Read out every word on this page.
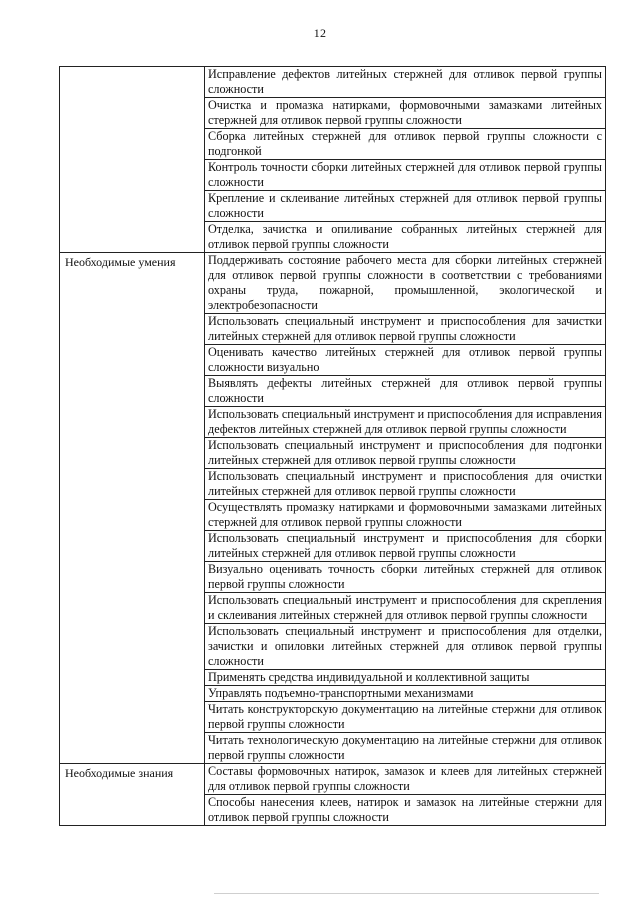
12

	Исправление дефектов литейных стержней для отливок первой группы сложности

	Очистка и промазка натирками, формовочными замазками литейных стержней для отливок первой группы сложности

	Сборка литейных стержней для отливок первой группы сложности с подгонкой

	Контроль точности сборки литейных стержней для отливок первой группы сложности

	Крепление и склеивание литейных стержней для отливок первой группы сложности

	Отделка, зачистка и опиливание собранных литейных стержней для отливок первой группы сложности

Необходимые умения	Поддерживать состояние рабочего места для сборки литейных стержней для отливок первой группы сложности в соответствии с требованиями охраны труда, пожарной, промышленной, экологической и электробезопасности

	Использовать специальный инструмент и приспособления для зачистки литейных стержней для отливок первой группы сложности

	Оценивать качество литейных стержней для отливок первой группы сложности визуально

	Выявлять дефекты литейных стержней для отливок первой группы сложности

	Использовать специальный инструмент и приспособления для исправления дефектов литейных стержней для отливок первой группы сложности

	Использовать специальный инструмент и приспособления для подгонки литейных стержней для отливок первой группы сложности

	Использовать специальный инструмент и приспособления для очистки литейных стержней для отливок первой группы сложности

	Осуществлять промазку натирками и формовочными замазками литейных стержней для отливок первой группы сложности

	Использовать специальный инструмент и приспособления для сборки литейных стержней для отливок первой группы сложности

	Визуально оценивать точность сборки литейных стержней для отливок первой группы сложности

	Использовать специальный инструмент и приспособления для скрепления и склеивания литейных стержней для отливок первой группы сложности

	Использовать специальный инструмент и приспособления для отделки, зачистки и опиловки литейных стержней для отливок первой группы сложности

	Применять средства индивидуальной и коллективной защиты

	Управлять подъемно-транспортными механизмами

	Читать конструкторскую документацию на литейные стержни для отливок первой группы сложности

	Читать технологическую документацию на литейные стержни для отливок первой группы сложности

Необходимые знания	Составы формовочных натирок, замазок и клеев для литейных стержней для отливок первой группы сложности

	Способы нанесения клеев, натирок и замазок на литейные стержни для отливок первой группы сложности
